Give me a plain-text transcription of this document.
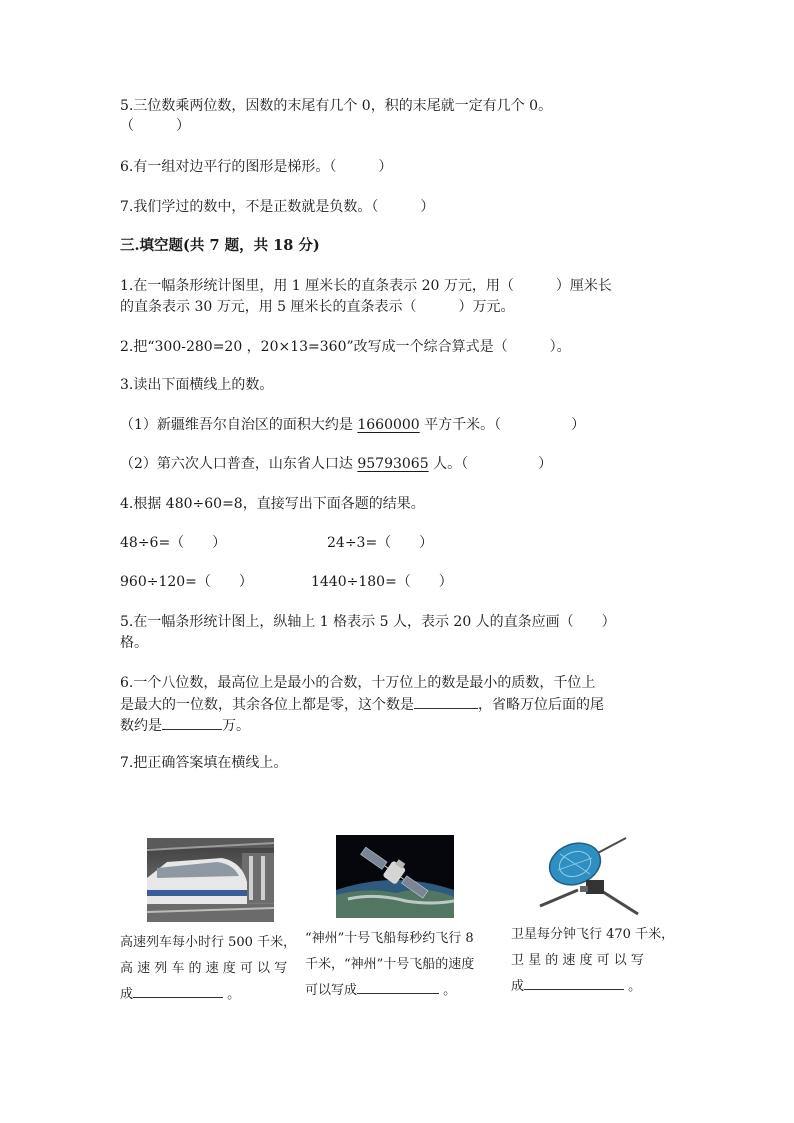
5.三位数乘两位数，因数的末尾有几个 0，积的末尾就一定有几个 0。
（　　　）
6.有一组对边平行的图形是梯形。（　　　）
7.我们学过的数中，不是正数就是负数。（　　　）
三.填空题(共 7 题，共 18 分)
1.在一幅条形统计图里，用 1 厘米长的直条表示 20 万元，用（　　　）厘米长
的直条表示 30 万元，用 5 厘米长的直条表示（　　　）万元。
2.把“300-280=20 ，20×13=360”改写成一个综合算式是（　　　）。
3.读出下面横线上的数。
（1）新疆维吾尔自治区的面积大约是 1660000 平方千米。（　　　　　）
（2）第六次人口普查，山东省人口达 95793065 人。（　　　　　）
4.根据 480÷60=8，直接写出下面各题的结果。
48÷6=（　　）	24÷3=（　　）
960÷120=（　　）	1440÷180=（　　）
5.在一幅条形统计图上，纵轴上 1 格表示 5 人，表示 20 人的直条应画（　　）
格。
6.一个八位数，最高位上是最小的合数，十万位上的数是最小的质数，千位上
是最大的一位数，其余各位上都是零，这个数是	，省略万位后面的尾
数约是	万。
7.把正确答案填在横线上。
高速列车每小时行 500 千米，
高 速 列 车 的 速 度 可 以 写
成	。
“神州”十号飞船每秒约飞行 8
千米，“神州”十号飞船的速度
可以写成	。
卫星每分钟飞行 470 千米，
卫 星 的 速 度 可 以 写
成	。
